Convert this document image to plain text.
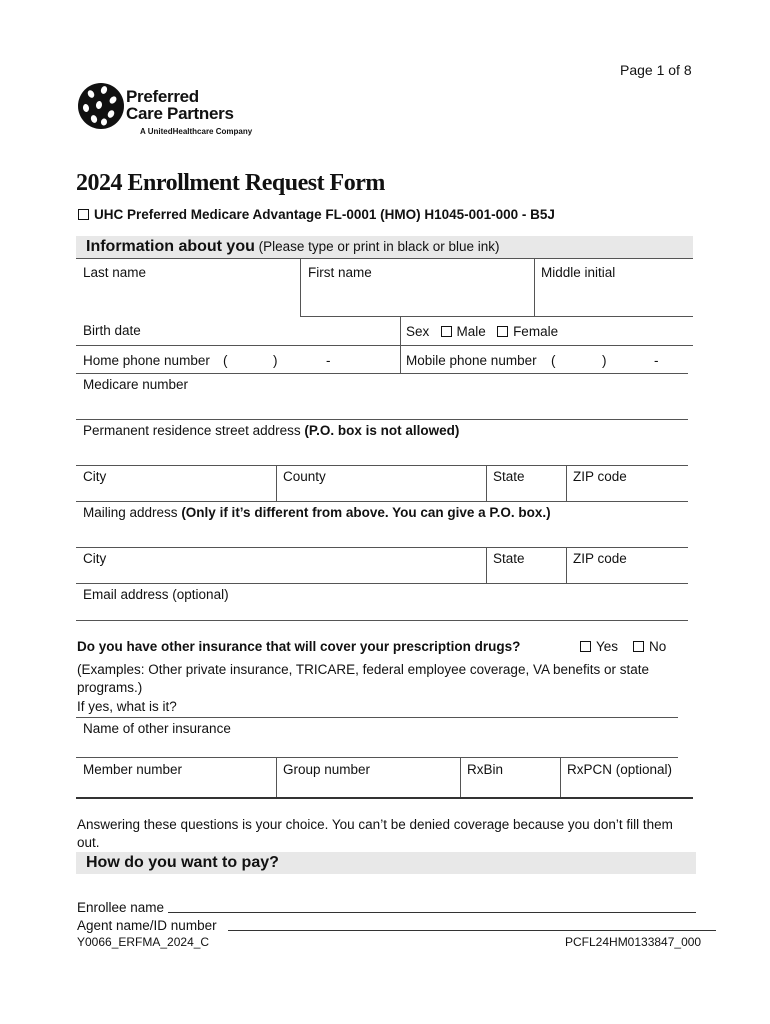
Page 1 of 8
Preferred
Care Partners
A UnitedHealthcare Company
2024 Enrollment Request Form
UHC Preferred Medicare Advantage FL-0001 (HMO) H1045-001-000 - B5J
Information about you (Please type or print in black or blue ink)
Last name	First name	Middle initial
Birth date	Sex Male Female
Home phone number (	)	-	Mobile phone number (	)	-
Medicare number
Permanent residence street address (P.O. box is not allowed)
City	County	State	ZIP code
Mailing address (Only if it’s different from above. You can give a P.O. box.)
City	State	ZIP code
Email address (optional)
Do you have other insurance that will cover your prescription drugs?	Yes No
(Examples: Other private insurance, TRICARE, federal employee coverage, VA benefits or state programs.)
If yes, what is it?
Name of other insurance
Member number	Group number	RxBin	RxPCN (optional)
Answering these questions is your choice. You can’t be denied coverage because you don’t fill them out.
How do you want to pay?
Enrollee name
Agent name/ID number
Y0066_ERFMA_2024_C	PCFL24HM0133847_000
